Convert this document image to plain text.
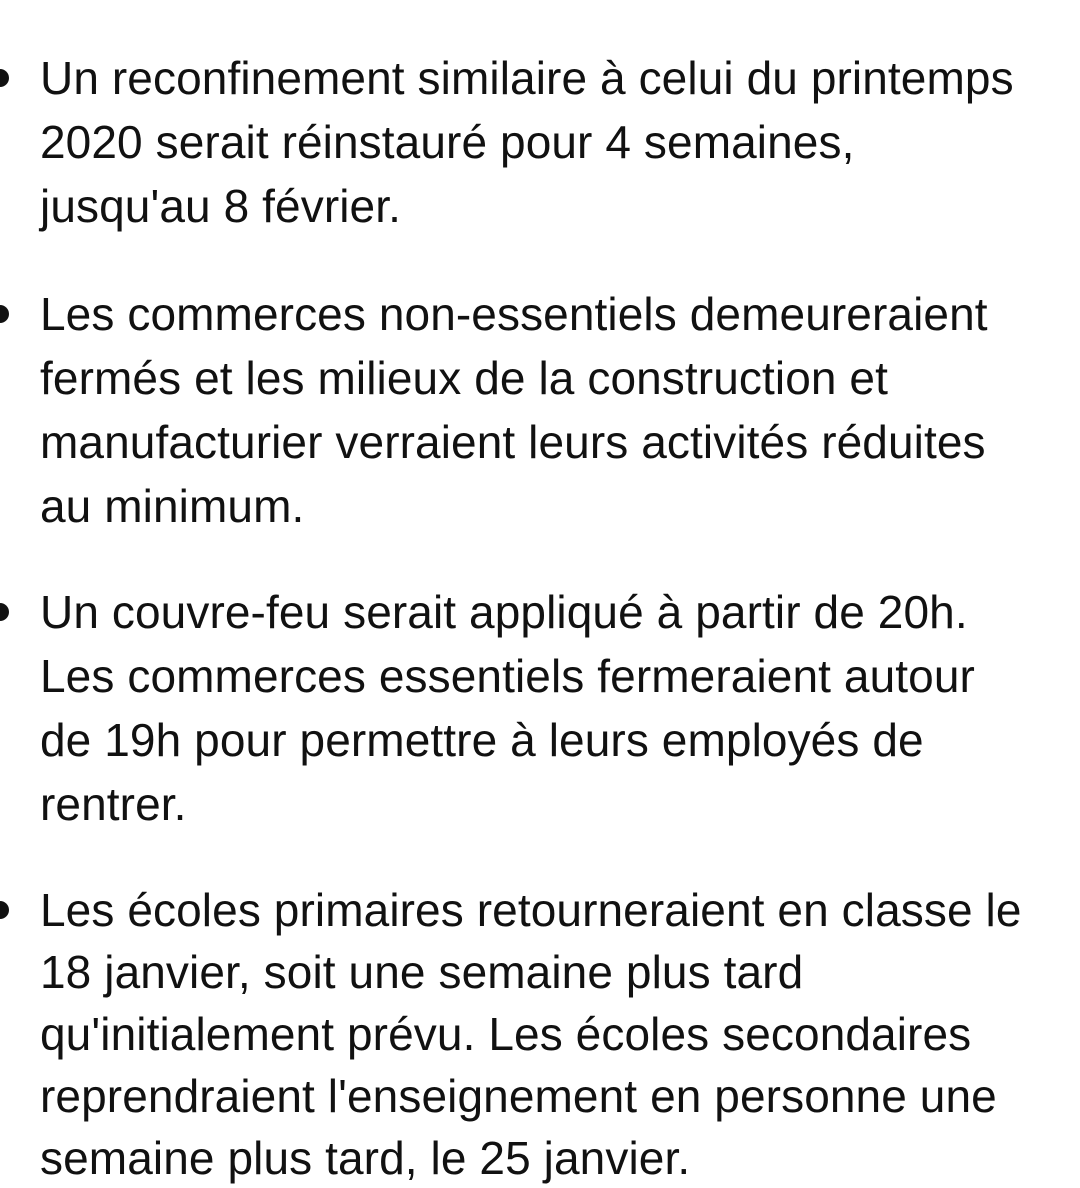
Un reconfinement similaire à celui du printemps
2020 serait réinstauré pour 4 semaines,
jusqu'au 8 février.
Les commerces non-essentiels demeureraient
fermés et les milieux de la construction et
manufacturier verraient leurs activités réduites
au minimum.
Un couvre-feu serait appliqué à partir de 20h.
Les commerces essentiels fermeraient autour
de 19h pour permettre à leurs employés de
rentrer.
Les écoles primaires retourneraient en classe le
18 janvier, soit une semaine plus tard
qu'initialement prévu. Les écoles secondaires
reprendraient l'enseignement en personne une
semaine plus tard, le 25 janvier.
